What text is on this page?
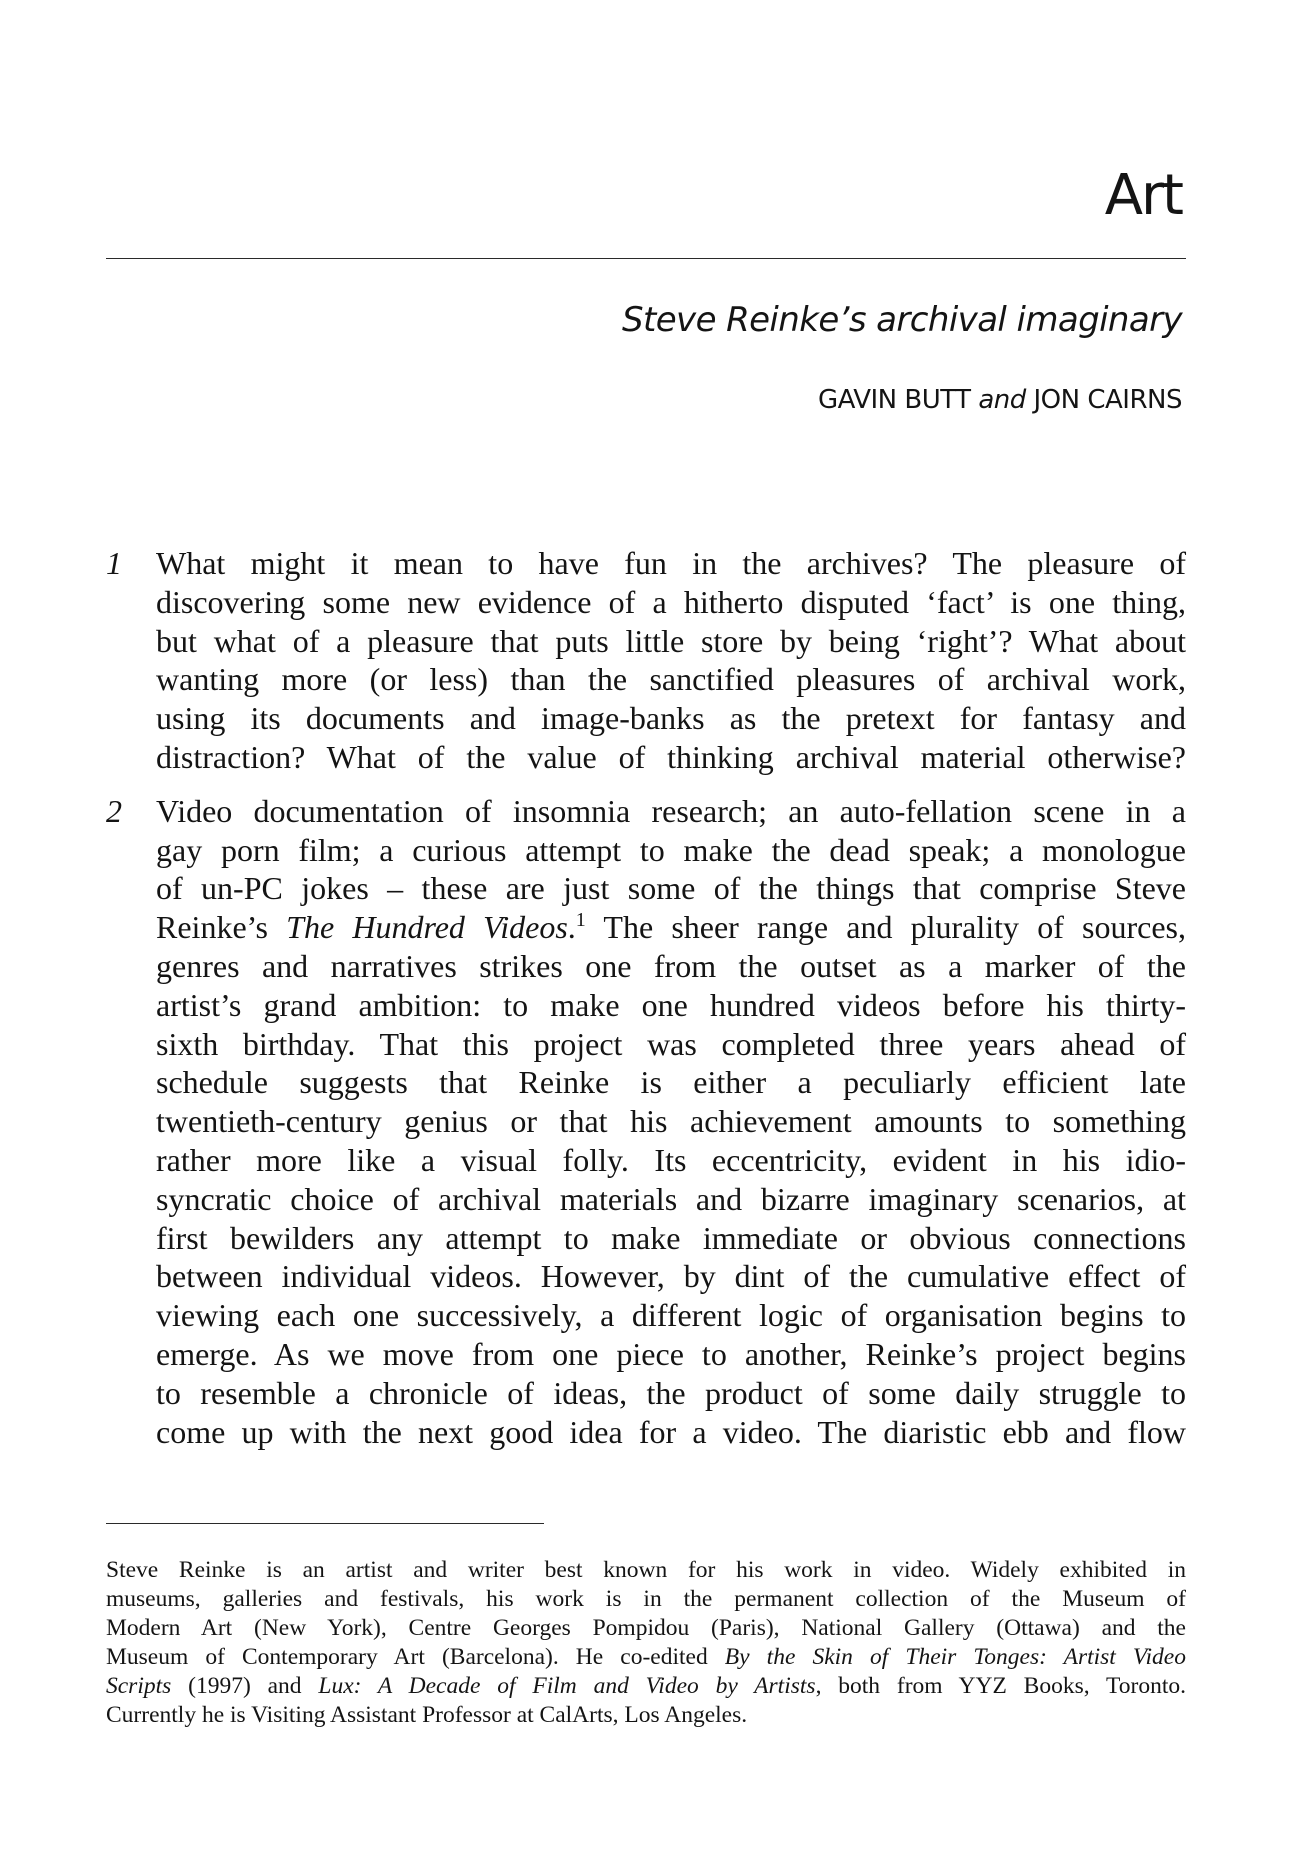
Art
Steve Reinke’s archival imaginary
GAVIN BUTT and JON CAIRNS
1 What might it mean to have fun in the archives? The pleasure of
discovering some new evidence of a hitherto disputed ‘fact’ is one thing,
but what of a pleasure that puts little store by being ‘right’? What about
wanting more (or less) than the sanctified pleasures of archival work,
using its documents and image-banks as the pretext for fantasy and
distraction? What of the value of thinking archival material otherwise?
2 Video documentation of insomnia research; an auto-fellation scene in a
gay porn film; a curious attempt to make the dead speak; a monologue
of un-PC jokes – these are just some of the things that comprise Steve
Reinke’s The Hundred Videos.$^1$ The sheer range and plurality of sources,
genres and narratives strikes one from the outset as a marker of the
artist’s grand ambition: to make one hundred videos before his thirty-
sixth birthday. That this project was completed three years ahead of
schedule suggests that Reinke is either a peculiarly efficient late
twentieth-century genius or that his achievement amounts to something
rather more like a visual folly. Its eccentricity, evident in his idio-
syncratic choice of archival materials and bizarre imaginary scenarios, at
first bewilders any attempt to make immediate or obvious connections
between individual videos. However, by dint of the cumulative effect of
viewing each one successively, a different logic of organisation begins to
emerge. As we move from one piece to another, Reinke’s project begins
to resemble a chronicle of ideas, the product of some daily struggle to
come up with the next good idea for a video. The diaristic ebb and flow
Steve Reinke is an artist and writer best known for his work in video. Widely exhibited in
museums, galleries and festivals, his work is in the permanent collection of the Museum of
Modern Art (New York), Centre Georges Pompidou (Paris), National Gallery (Ottawa) and the
Museum of Contemporary Art (Barcelona). He co-edited By the Skin of Their Tonges: Artist Video
Scripts (1997) and Lux: A Decade of Film and Video by Artists, both from YYZ Books, Toronto.
Currently he is Visiting Assistant Professor at CalArts, Los Angeles.
